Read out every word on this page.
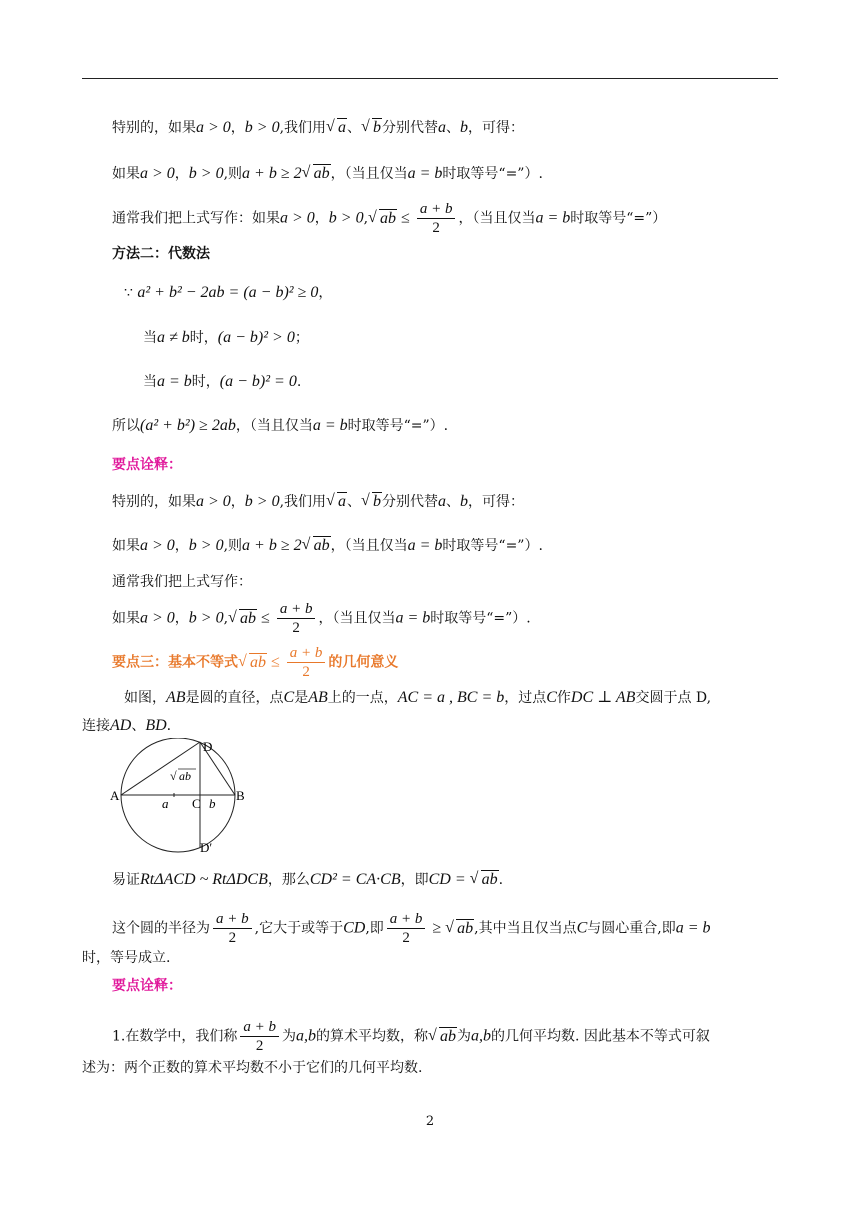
特别的，如果a > 0，b > 0,我们用 √ a、 √ b分别代替a、b，可得：
如果a > 0，b > 0,则a + b ≥ 2 √ ab，（当且仅当a = b时取等号“=”）.
通常我们把上式写作：如果a > 0，b > 0, √ ab ≤ $\frac{a + b}{2}$ ，（当且仅当a = b时取等号“=”）
方法二：代数法
∵ a² + b² − 2ab = (a − b)² ≥ 0，
当a ≠ b时，(a − b)² > 0；
当a = b时，(a − b)² = 0.
所以(a² + b²) ≥ 2ab，（当且仅当a = b时取等号“=”）.
要点诠释：
特别的，如果a > 0，b > 0,我们用 √ a、 √ b分别代替a、b，可得：
如果a > 0，b > 0,则a + b ≥ 2 √ ab，（当且仅当a = b时取等号“=”）.
通常我们把上式写作：
如果a > 0，b > 0, √ ab ≤ $\frac{a + b}{2}$ ，（当且仅当a = b时取等号“=”）.
要点三：基本不等式 √ ab ≤ $\frac{a + b}{2}$ 的几何意义
如图，AB是圆的直径，点C是AB上的一点，AC = a , BC = b，过点C作DC ⊥ AB交圆于点 D,
连接AD、BD.
A	B
C
D
D′
a	b
√ ab
易证RtΔACD ~ RtΔDCB，那么CD² = CA·CB，即CD = √ ab.
这个圆的半径为 $\frac{a + b}{2}$ ,它大于或等于CD,即 $\frac{a + b}{2}$ ≥ √ ab,其中当且仅当点C与圆心重合,即a = b
时，等号成立.
要点诠释：
1.在数学中，我们称 $\frac{a + b}{2}$ 为a,b的算术平均数，称 √ ab为a,b的几何平均数. 因此基本不等式可叙
述为：两个正数的算术平均数不小于它们的几何平均数.
2
